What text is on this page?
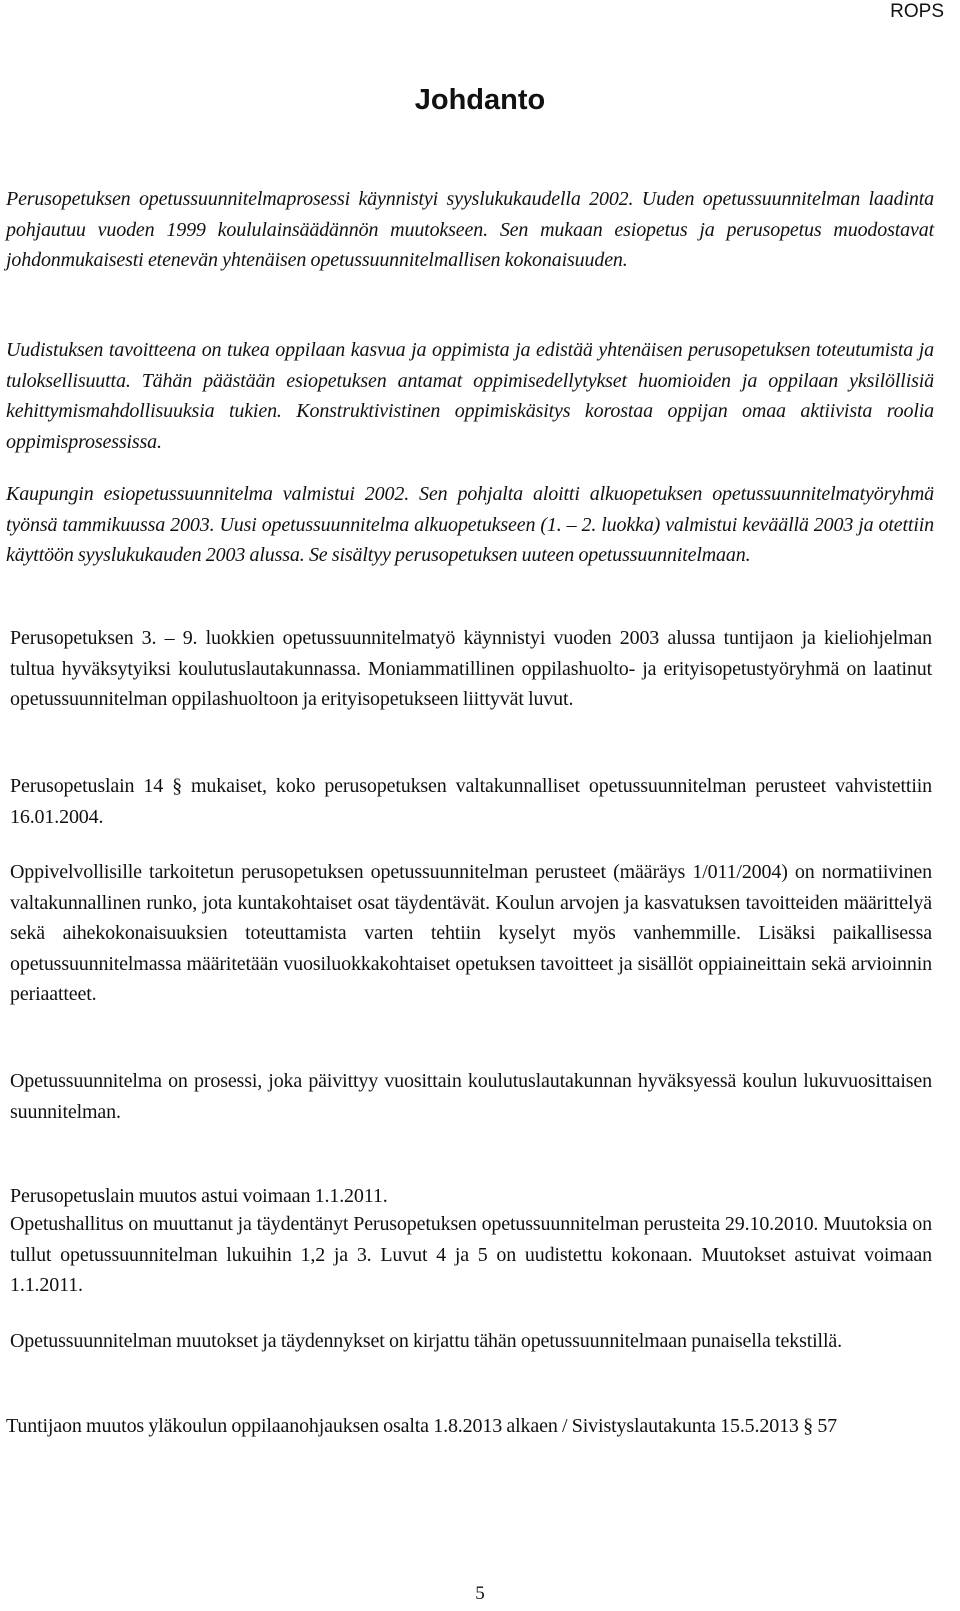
ROPS
Johdanto

Perusopetuksen opetussuunnitelmaprosessi käynnistyi syyslukukaudella 2002. Uuden opetussuunnitelman laadinta pohjautuu vuoden 1999 koululainsäädännön muutokseen. Sen mukaan esiopetus ja perusopetus muodostavat johdonmukaisesti etenevän yhtenäisen opetussuunnitelmallisen kokonaisuuden.

Uudistuksen tavoitteena on tukea oppilaan kasvua ja oppimista ja edistää yhtenäisen perusopetuksen toteutumista ja tuloksellisuutta. Tähän päästään esiopetuksen antamat oppimisedellytykset huomioiden ja oppilaan yksilöllisiä kehittymismahdollisuuksia tukien. Konstruktivistinen oppimiskäsitys korostaa oppijan omaa aktiivista roolia oppimisprosessissa.

Kaupungin esiopetussuunnitelma valmistui 2002. Sen pohjalta aloitti alkuopetuksen opetussuunnitelmatyöryhmä työnsä tammikuussa 2003. Uusi opetussuunnitelma alkuopetukseen (1. – 2. luokka) valmistui keväällä 2003 ja otettiin käyttöön syyslukukauden 2003 alussa. Se sisältyy perusopetuksen uuteen opetussuunnitelmaan.

Perusopetuksen 3. – 9. luokkien opetussuunnitelmatyö käynnistyi vuoden 2003 alussa tuntijaon ja kieliohjelman tultua hyväksytyiksi koulutuslautakunnassa. Moniammatillinen oppilashuolto- ja erityisopetustyöryhmä on laatinut opetussuunnitelman oppilashuoltoon ja erityisopetukseen liittyvät luvut.

Perusopetuslain 14 § mukaiset, koko perusopetuksen valtakunnalliset opetussuunnitelman perusteet vahvistettiin 16.01.2004.

Oppivelvollisille tarkoitetun perusopetuksen opetussuunnitelman perusteet (määräys 1/011/2004) on normatiivinen valtakunnallinen runko, jota kuntakohtaiset osat täydentävät. Koulun arvojen ja kasvatuksen tavoitteiden määrittelyä sekä aihekokonaisuuksien toteuttamista varten tehtiin kyselyt myös vanhemmille. Lisäksi paikallisessa opetussuunnitelmassa määritetään vuosiluokkakohtaiset opetuksen tavoitteet ja sisällöt oppiaineittain sekä arvioinnin periaatteet.

Opetussuunnitelma on prosessi, joka päivittyy vuosittain koulutuslautakunnan hyväksyessä koulun lukuvuosittaisen suunnitelman.

Perusopetuslain muutos astui voimaan 1.1.2011.

Opetushallitus on muuttanut ja täydentänyt Perusopetuksen opetussuunnitelman perusteita 29.10.2010. Muutoksia on tullut opetussuunnitelman lukuihin 1,2 ja 3. Luvut 4 ja 5 on uudistettu kokonaan. Muutokset astuivat voimaan 1.1.2011.

Opetussuunnitelman muutokset ja täydennykset on kirjattu tähän opetussuunnitelmaan punaisella tekstillä.

Tuntijaon muutos yläkoulun oppilaanohjauksen osalta 1.8.2013 alkaen / Sivistyslautakunta 15.5.2013 § 57

5
